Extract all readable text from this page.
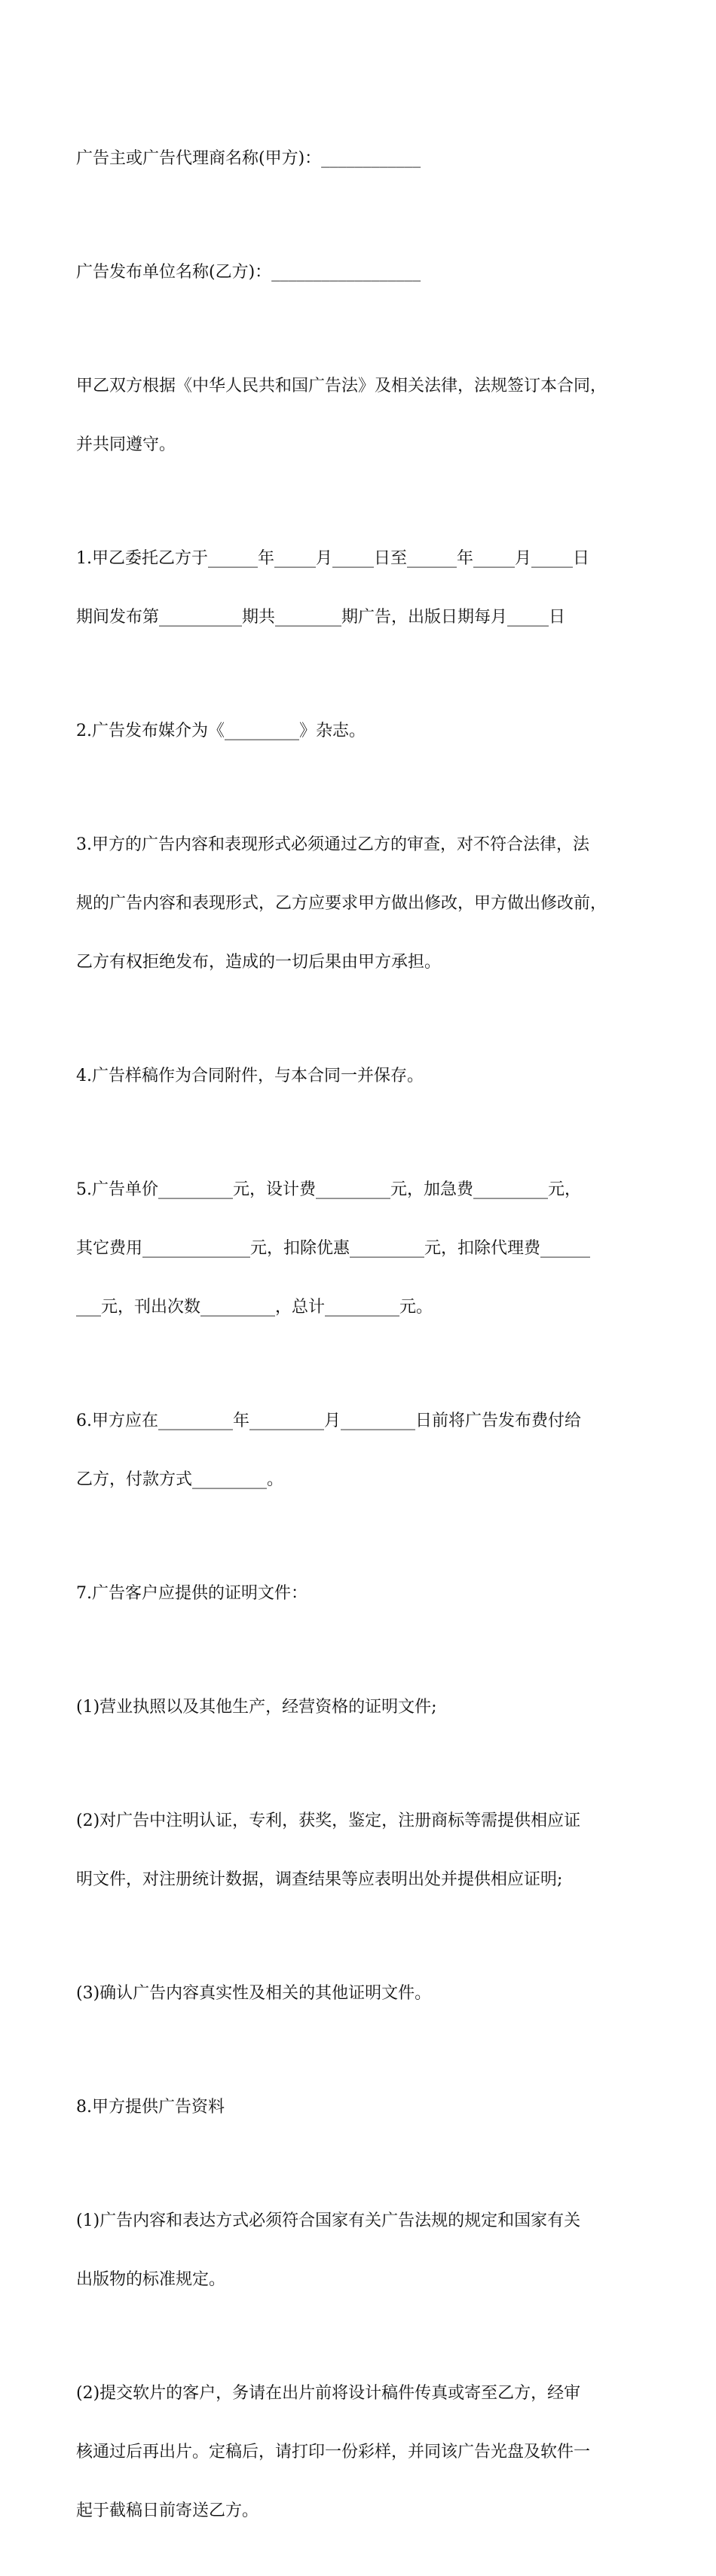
广告主或广告代理商名称(甲方)：____________

广告发布单位名称(乙方)：__________________

甲乙双方根据《中华人民共和国广告法》及相关法律，法规签订本合同，

并共同遵守。

1.甲乙委托乙方于______年_____月_____日至______年_____月_____日

期间发布第__________期共________期广告，出版日期每月_____日

2.广告发布媒介为《_________》杂志。

3.甲方的广告内容和表现形式必须通过乙方的审查，对不符合法律，法

规的广告内容和表现形式，乙方应要求甲方做出修改，甲方做出修改前，

乙方有权拒绝发布，造成的一切后果由甲方承担。

4.广告样稿作为合同附件，与本合同一并保存。

5.广告单价_________元，设计费_________元，加急费_________元，

其它费用_____________元，扣除优惠_________元，扣除代理费______

___元，刊出次数_________，总计_________元。

6.甲方应在_________年_________月_________日前将广告发布费付给

乙方，付款方式_________。

7.广告客户应提供的证明文件：

(1)营业执照以及其他生产，经营资格的证明文件;

(2)对广告中注明认证，专利，获奖，鉴定，注册商标等需提供相应证

明文件，对注册统计数据，调查结果等应表明出处并提供相应证明;

(3)确认广告内容真实性及相关的其他证明文件。

8.甲方提供广告资料

(1)广告内容和表达方式必须符合国家有关广告法规的规定和国家有关

出版物的标准规定。

(2)提交软片的客户，务请在出片前将设计稿件传真或寄至乙方，经审

核通过后再出片。定稿后，请打印一份彩样，并同该广告光盘及软件一

起于截稿日前寄送乙方。
